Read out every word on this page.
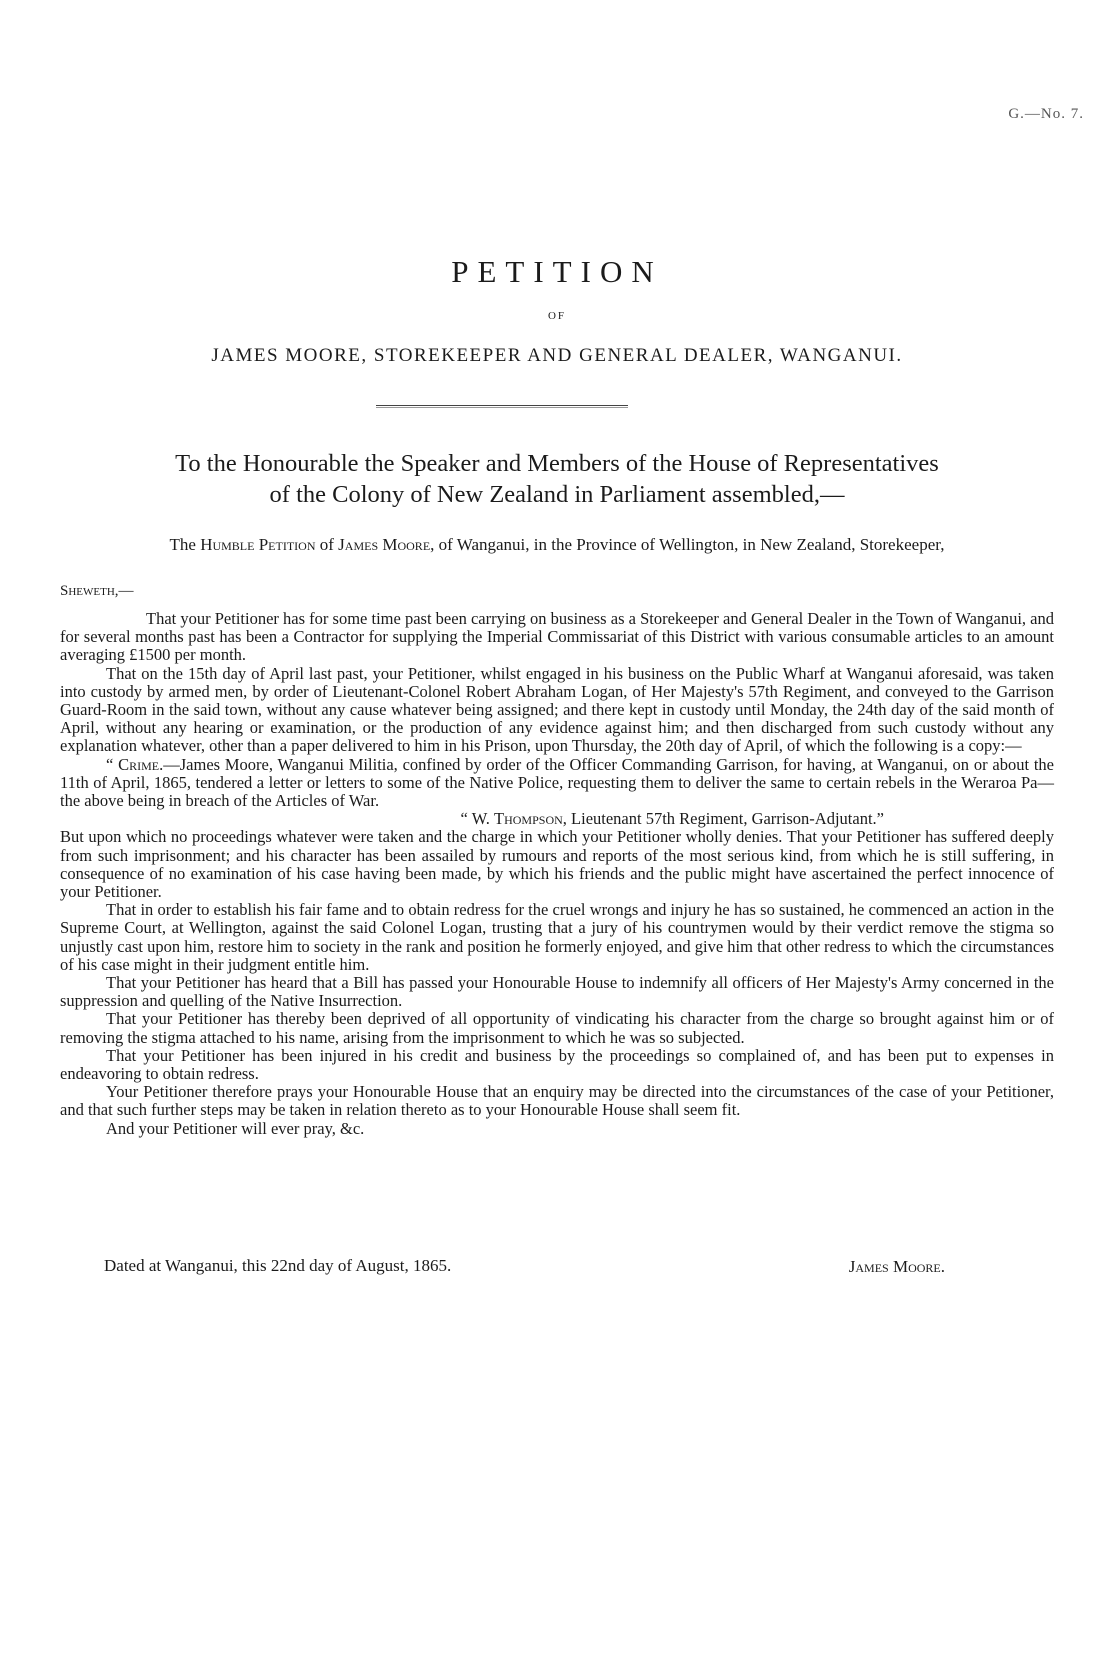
G.—No. 7.
PETITION
OF
JAMES MOORE, STOREKEEPER AND GENERAL DEALER, WANGANUI.
To the Honourable the Speaker and Members of the House of Representatives
of the Colony of New Zealand in Parliament assembled,—
The Humble Petition of James Moore, of Wanganui, in the Province of Wellington, in New Zealand, Storekeeper,
Sheweth,—

That your Petitioner has for some time past been carrying on business as a Storekeeper and General Dealer in the Town of Wanganui, and for several months past has been a Contractor for supplying the Imperial Commissariat of this District with various consumable articles to an amount averaging £1500 per month.

That on the 15th day of April last past, your Petitioner, whilst engaged in his business on the Public Wharf at Wanganui aforesaid, was taken into custody by armed men, by order of Lieutenant-Colonel Robert Abraham Logan, of Her Majesty's 57th Regiment, and conveyed to the Garrison Guard-Room in the said town, without any cause whatever being assigned; and there kept in custody until Monday, the 24th day of the said month of April, without any hearing or examination, or the production of any evidence against him; and then discharged from such custody without any explanation whatever, other than a paper delivered to him in his Prison, upon Thursday, the 20th day of April, of which the following is a copy:—

“ Crime.—James Moore, Wanganui Militia, confined by order of the Officer Commanding Garrison, for having, at Wanganui, on or about the 11th of April, 1865, tendered a letter or letters to some of the Native Police, requesting them to deliver the same to certain rebels in the Weraroa Pa—the above being in breach of the Articles of War.

“ W. Thompson, Lieutenant 57th Regiment, Garrison-Adjutant.”

But upon which no proceedings whatever were taken and the charge in which your Petitioner wholly denies. That your Petitioner has suffered deeply from such imprisonment; and his character has been assailed by rumours and reports of the most serious kind, from which he is still suffering, in consequence of no examination of his case having been made, by which his friends and the public might have ascertained the perfect innocence of your Petitioner.

That in order to establish his fair fame and to obtain redress for the cruel wrongs and injury he has so sustained, he commenced an action in the Supreme Court, at Wellington, against the said Colonel Logan, trusting that a jury of his countrymen would by their verdict remove the stigma so unjustly cast upon him, restore him to society in the rank and position he formerly enjoyed, and give him that other redress to which the circumstances of his case might in their judgment entitle him.

That your Petitioner has heard that a Bill has passed your Honourable House to indemnify all officers of Her Majesty's Army concerned in the suppression and quelling of the Native Insurrection.

That your Petitioner has thereby been deprived of all opportunity of vindicating his character from the charge so brought against him or of removing the stigma attached to his name, arising from the imprisonment to which he was so subjected.

That your Petitioner has been injured in his credit and business by the proceedings so complained of, and has been put to expenses in endeavoring to obtain redress.

Your Petitioner therefore prays your Honourable House that an enquiry may be directed into the circumstances of the case of your Petitioner, and that such further steps may be taken in relation thereto as to your Honourable House shall seem fit.

And your Petitioner will ever pray, &c.

Dated at Wanganui, this 22nd day of August, 1865.	James Moore.
